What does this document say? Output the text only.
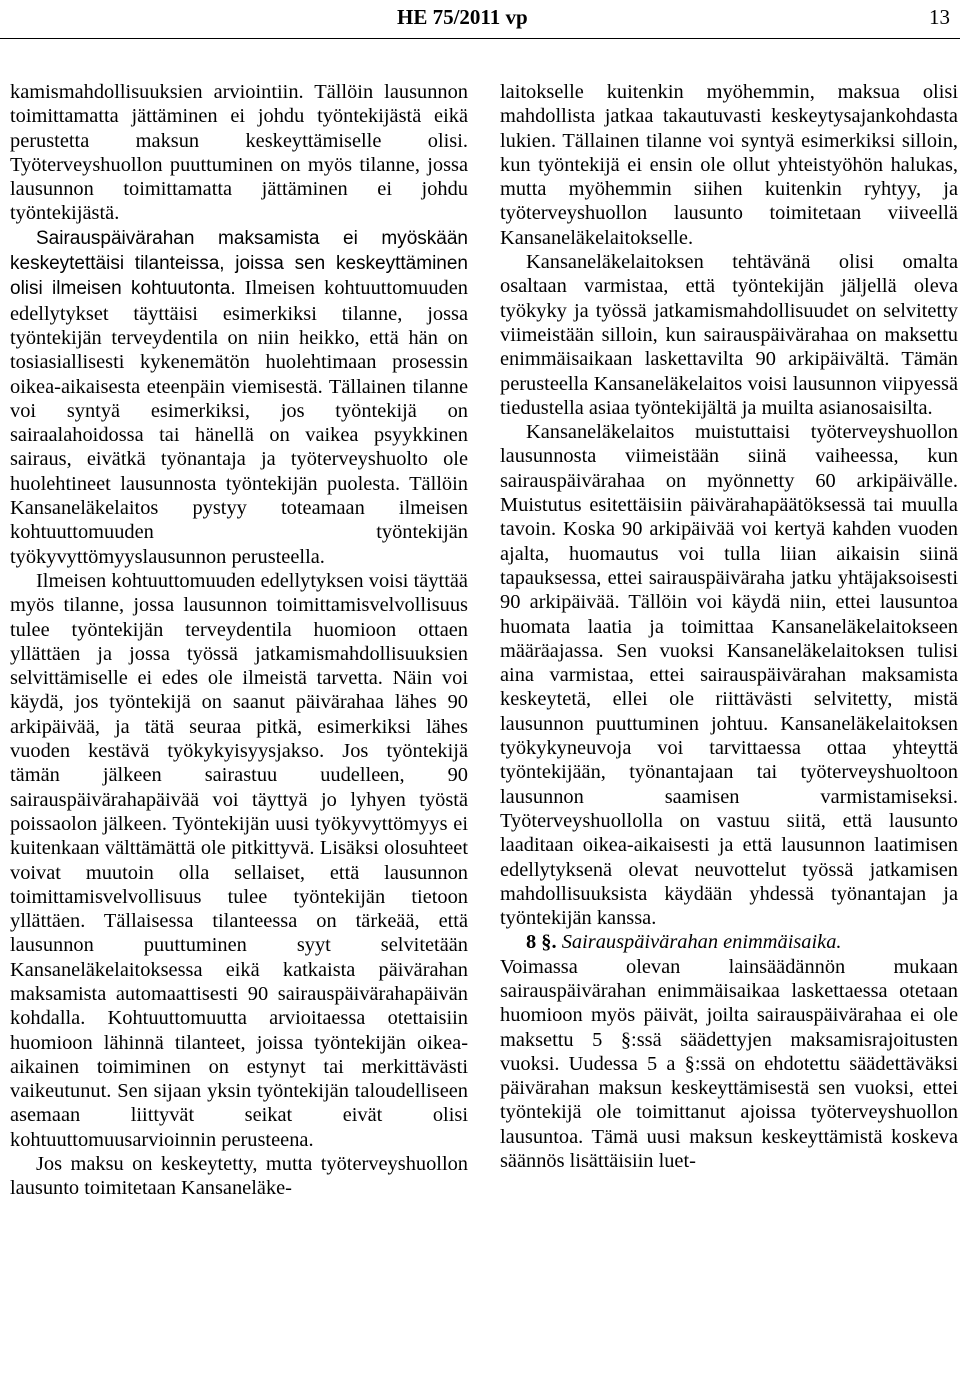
HE 75/2011 vp	13

kamismahdollisuuksien arviointiin. Tällöin lausunnon toimittamatta jättäminen ei johdu työntekijästä eikä perustetta maksun keskeyttämiselle olisi. Työterveyshuollon puuttuminen on myös tilanne, jossa lausunnon toimittamatta jättäminen ei johdu työntekijästä.

Sairauspäivärahan maksamista ei myöskään keskeytettäisi tilanteissa, joissa sen keskeyttäminen olisi ilmeisen kohtuutonta. Ilmeisen kohtuuttomuuden edellytykset täyttäisi esimerkiksi tilanne, jossa työntekijän terveydentila on niin heikko, että hän on tosiasiallisesti kykenemätön huolehtimaan prosessin oikea-aikaisesta eteenpäin viemisestä. Tällainen tilanne voi syntyä esimerkiksi, jos työntekijä on sairaalahoidossa tai hänellä on vaikea psyykkinen sairaus, eivätkä työnantaja ja työterveyshuolto ole huolehtineet lausunnosta työntekijän puolesta. Tällöin Kansaneläkelaitos pystyy toteamaan ilmeisen kohtuuttomuuden työntekijän työkyvyttömyyslausunnon perusteella.

Ilmeisen kohtuuttomuuden edellytyksen voisi täyttää myös tilanne, jossa lausunnon toimittamisvelvollisuus tulee työntekijän terveydentila huomioon ottaen yllättäen ja jossa työssä jatkamismahdollisuuksien selvittämiselle ei edes ole ilmeistä tarvetta. Näin voi käydä, jos työntekijä on saanut päivärahaa lähes 90 arkipäivää, ja tätä seuraa pitkä, esimerkiksi lähes vuoden kestävä työkykyisyysjakso. Jos työntekijä tämän jälkeen sairastuu uudelleen, 90 sairauspäivärahapäivää voi täyttyä jo lyhyen työstä poissaolon jälkeen. Työntekijän uusi työkyvyttömyys ei kuitenkaan välttämättä ole pitkittyvä. Lisäksi olosuhteet voivat muutoin olla sellaiset, että lausunnon toimittamisvelvollisuus tulee työntekijän tietoon yllättäen. Tällaisessa tilanteessa on tärkeää, että lausunnon puuttuminen syyt selvitetään Kansaneläkelaitoksessa eikä katkaista päivärahan maksamista automaattisesti 90 sairauspäivärahapäivän kohdalla. Kohtuuttomuutta arvioitaessa otettaisiin huomioon lähinnä tilanteet, joissa työntekijän oikea-aikainen toimiminen on estynyt tai merkittävästi vaikeutunut. Sen sijaan yksin työntekijän taloudelliseen asemaan liittyvät seikat eivät olisi kohtuuttomuusarvioinnin perusteena.

Jos maksu on keskeytetty, mutta työterveyshuollon lausunto toimitetaan Kansaneläke-

laitokselle kuitenkin myöhemmin, maksua olisi mahdollista jatkaa takautuvasti keskeytysajankohdasta lukien. Tällainen tilanne voi syntyä esimerkiksi silloin, kun työntekijä ei ensin ole ollut yhteistyöhön halukas, mutta myöhemmin siihen kuitenkin ryhtyy, ja työterveyshuollon lausunto toimitetaan viiveellä Kansaneläkelaitokselle.

Kansaneläkelaitoksen tehtävänä olisi omalta osaltaan varmistaa, että työntekijän jäljellä oleva työkyky ja työssä jatkamismahdollisuudet on selvitetty viimeistään silloin, kun sairauspäivärahaa on maksettu enimmäisaikaan laskettavilta 90 arkipäivältä. Tämän perusteella Kansaneläkelaitos voisi lausunnon viipyessä tiedustella asiaa työntekijältä ja muilta asianosaisilta.

Kansaneläkelaitos muistuttaisi työterveyshuollon lausunnosta viimeistään siinä vaiheessa, kun sairauspäivärahaa on myönnetty 60 arkipäivälle. Muistutus esitettäisiin päivärahapäätöksessä tai muulla tavoin. Koska 90 arkipäivää voi kertyä kahden vuoden ajalta, huomautus voi tulla liian aikaisin siinä tapauksessa, ettei sairauspäiväraha jatku yhtäjaksoisesti 90 arkipäivää. Tällöin voi käydä niin, ettei lausuntoa huomata laatia ja toimittaa Kansaneläkelaitokseen määräajassa. Sen vuoksi Kansaneläkelaitoksen tulisi aina varmistaa, ettei sairauspäivärahan maksamista keskeytetä, ellei ole riittävästi selvitetty, mistä lausunnon puuttuminen johtuu. Kansaneläkelaitoksen työkykyneuvoja voi tarvittaessa ottaa yhteyttä työntekijään, työnantajaan tai työterveyshuoltoon lausunnon saamisen varmistamiseksi. Työterveyshuollolla on vastuu siitä, että lausunto laaditaan oikea-aikaisesti ja että lausunnon laatimisen edellytyksenä olevat neuvottelut työssä jatkamisen mahdollisuuksista käydään yhdessä työnantajan ja työntekijän kanssa.

8 §. Sairauspäivärahan enimmäisaika.

Voimassa olevan lainsäädännön mukaan sairauspäivärahan enimmäisaikaa laskettaessa otetaan huomioon myös päivät, joilta sairauspäivärahaa ei ole maksettu 5 §:ssä säädettyjen maksamisrajoitusten vuoksi. Uudessa 5 a §:ssä on ehdotettu säädettäväksi päivärahan maksun keskeyttämisestä sen vuoksi, ettei työntekijä ole toimittanut ajoissa työterveyshuollon lausuntoa. Tämä uusi maksun keskeyttämistä koskeva säännös lisättäisiin luet-
